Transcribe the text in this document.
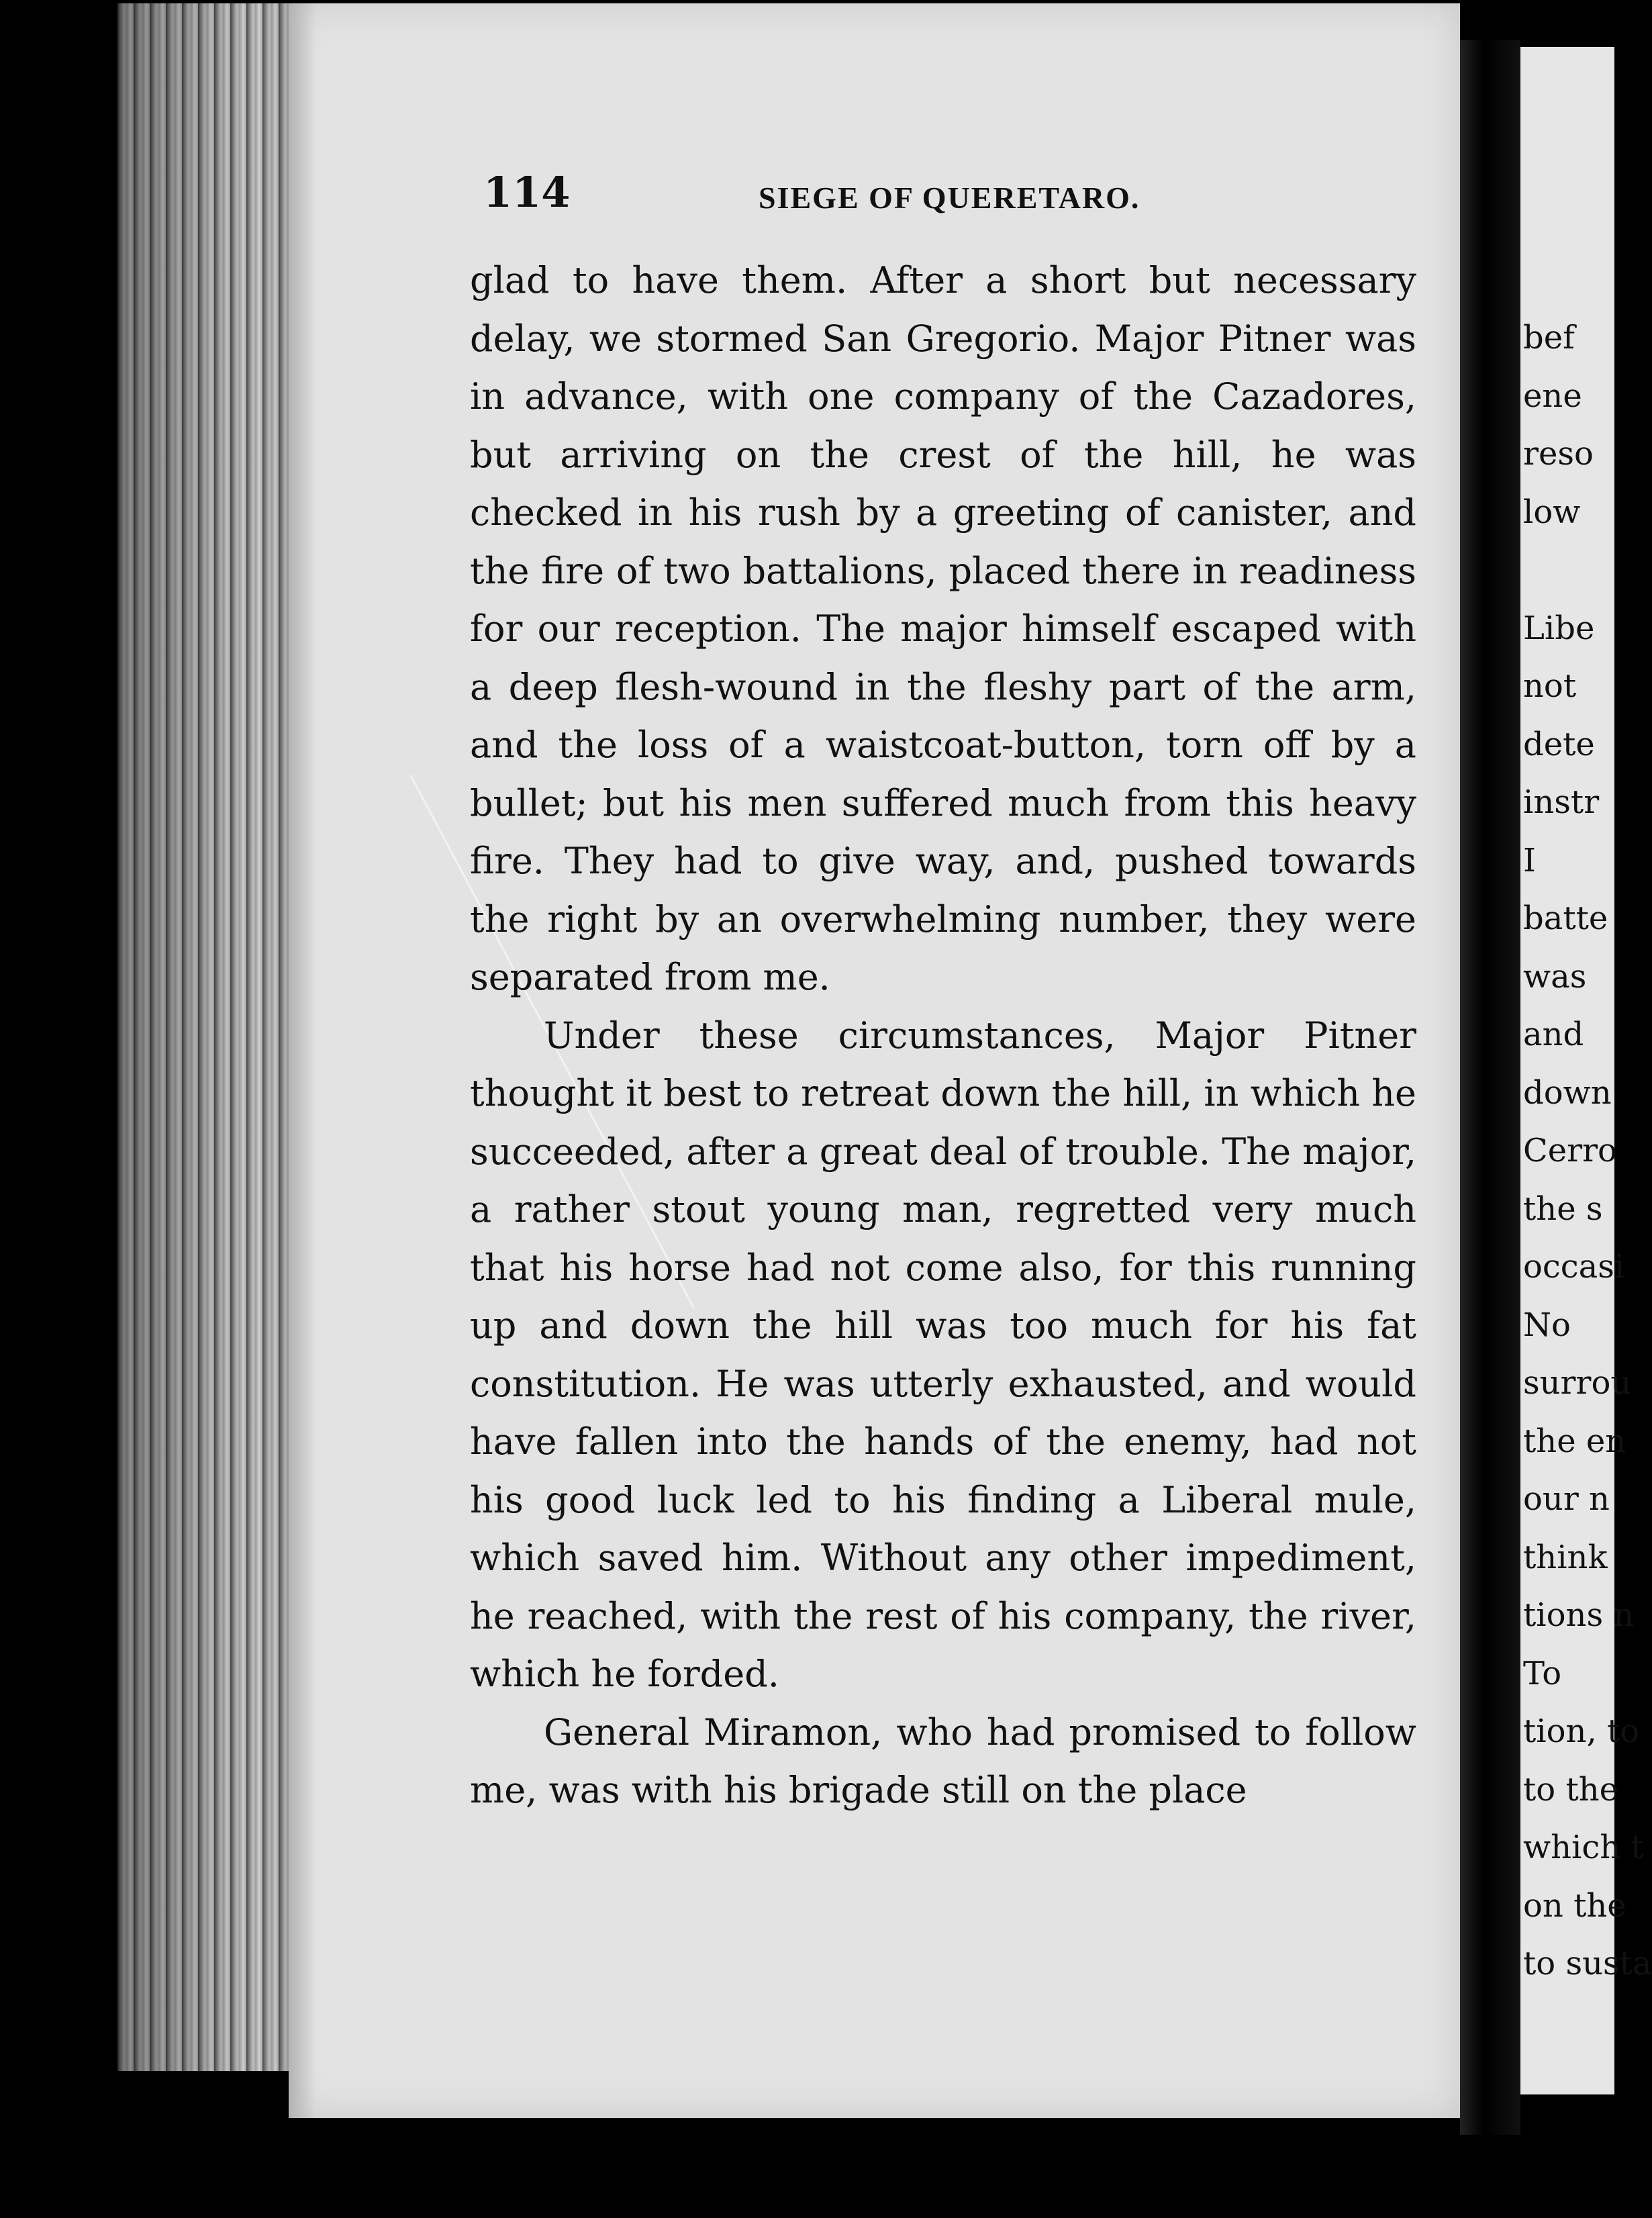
114	SIEGE OF QUERETARO.

glad to have them. After a short but necessary delay, we stormed San Gregorio. Major Pitner was in advance, with one company of the Cazadores, but arriving on the crest of the hill, he was checked in his rush by a greeting of canister, and the fire of two battalions, placed there in readiness for our reception. The major himself escaped with a deep flesh-wound in the fleshy part of the arm, and the loss of a waistcoat-button, torn off by a bullet; but his men suffered much from this heavy fire. They had to give way, and, pushed towards the right by an overwhelming number, they were separated from me.

Under these circumstances, Major Pitner thought it best to retreat down the hill, in which he succeeded, after a great deal of trouble. The major, a rather stout young man, regretted very much that his horse had not come also, for this running up and down the hill was too much for his fat constitution. He was utterly exhausted, and would have fallen into the hands of the enemy, had not his good luck led to his finding a Liberal mule, which saved him. Without any other impediment, he reached, with the rest of his company, the river, which he forded.

General Miramon, who had promised to follow me, was with his brigade still on the place

bef
ene
reso
low
Libe
not
dete
instr
I
batte
was
and
down
Cerro
the s
occasi
No
surrou
the en
our n
think
tions n
To
tion, to
to the
which t
on the
to susta
